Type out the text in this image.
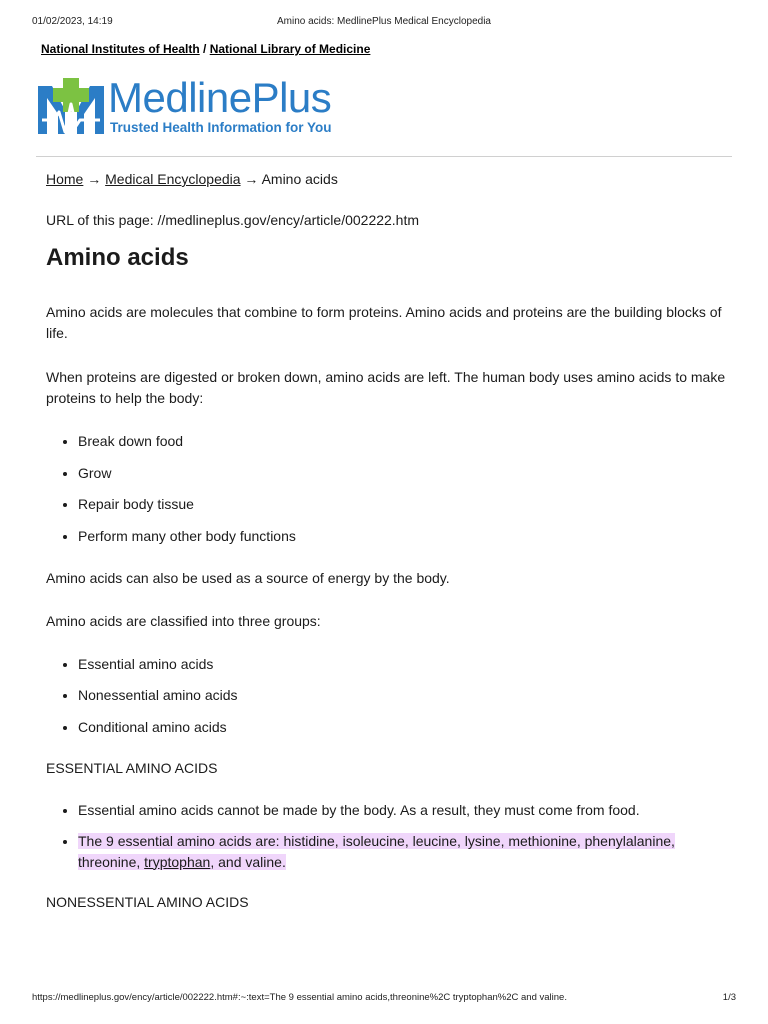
01/02/2023, 14:19	Amino acids: MedlinePlus Medical Encyclopedia
National Institutes of Health / National Library of Medicine
MedlinePlus
Trusted Health Information for You

Home → Medical Encyclopedia → Amino acids

URL of this page: //medlineplus.gov/ency/article/002222.htm

Amino acids

Amino acids are molecules that combine to form proteins. Amino acids and proteins are the building blocks of life.

When proteins are digested or broken down, amino acids are left. The human body uses amino acids to make proteins to help the body:

• Break down food
• Grow
• Repair body tissue
• Perform many other body functions

Amino acids can also be used as a source of energy by the body.

Amino acids are classified into three groups:

• Essential amino acids
• Nonessential amino acids
• Conditional amino acids

ESSENTIAL AMINO ACIDS

• Essential amino acids cannot be made by the body. As a result, they must come from food.
• The 9 essential amino acids are: histidine, isoleucine, leucine, lysine, methionine, phenylalanine, threonine, tryptophan, and valine.

NONESSENTIAL AMINO ACIDS

https://medlineplus.gov/ency/article/002222.htm#:~:text=The 9 essential amino acids,threonine%2C tryptophan%2C and valine.	1/3
